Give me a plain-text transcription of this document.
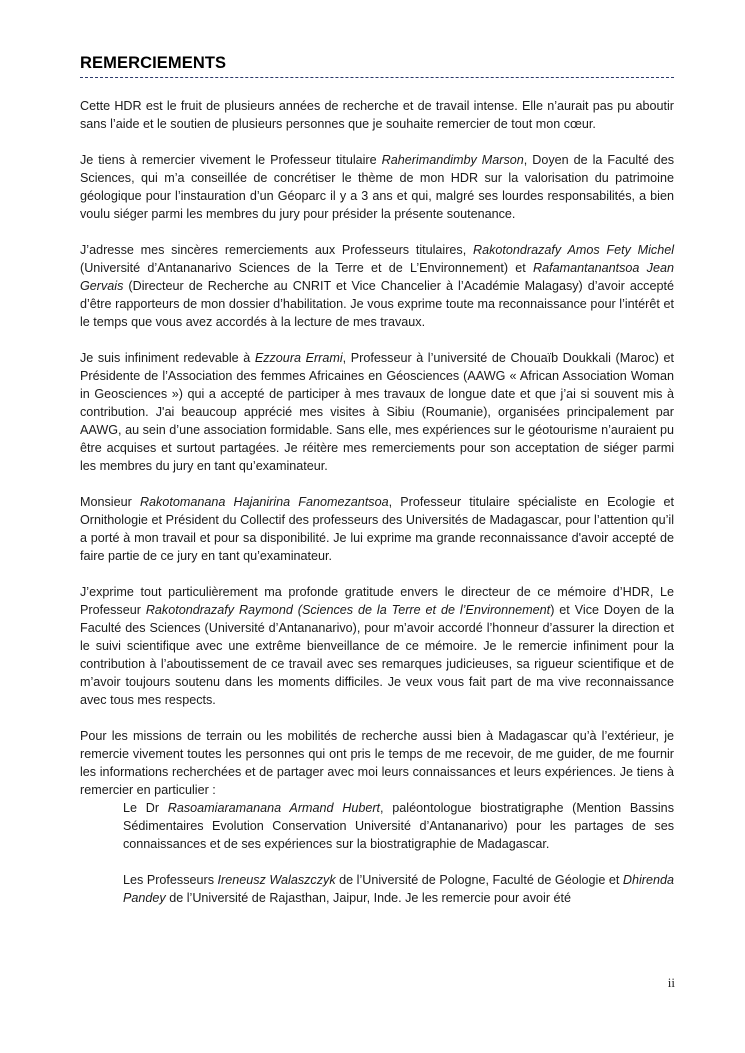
REMERCIEMENTS

Cette HDR est le fruit de plusieurs années de recherche et de travail intense. Elle n’aurait pas pu aboutir sans l’aide et le soutien de plusieurs personnes que je souhaite remercier de tout mon cœur.

Je tiens à remercier vivement le Professeur titulaire Raherimandimby Marson, Doyen de la Faculté des Sciences, qui m’a conseillée de concrétiser le thème de mon HDR sur la valorisation du patrimoine géologique pour l’instauration d’un Géoparc il y a 3 ans et qui, malgré ses lourdes responsabilités, a bien voulu siéger parmi les membres du jury pour présider la présente soutenance.

J’adresse mes sincères remerciements aux Professeurs titulaires, Rakotondrazafy Amos Fety Michel (Université d’Antananarivo Sciences de la Terre et de L’Environnement) et Rafamantanantsoa Jean Gervais (Directeur de Recherche au CNRIT et Vice Chancelier à l’Académie Malagasy) d’avoir accepté d’être rapporteurs de mon dossier d’habilitation. Je vous exprime toute ma reconnaissance pour l’intérêt et le temps que vous avez accordés à la lecture de mes travaux.

Je suis infiniment redevable à Ezzoura Errami, Professeur à l’université de Chouaïb Doukkali (Maroc) et Présidente de l’Association des femmes Africaines en Géosciences (AAWG « African Association Woman in Geosciences ») qui a accepté de participer à mes travaux de longue date et que j’ai si souvent mis à contribution. J'ai beaucoup apprécié mes visites à Sibiu (Roumanie), organisées principalement par AAWG, au sein d’une association formidable. Sans elle, mes expériences sur le géotourisme n’auraient pu être acquises et surtout partagées. Je réitère mes remerciements pour son acceptation de siéger parmi les membres du jury en tant qu’examinateur.

Monsieur Rakotomanana Hajanirina Fanomezantsoa, Professeur titulaire spécialiste en Ecologie et Ornithologie et Président du Collectif des professeurs des Universités de Madagascar, pour l’attention qu’il a porté à mon travail et pour sa disponibilité. Je lui exprime ma grande reconnaissance d'avoir accepté de faire partie de ce jury en tant qu’examinateur.

J’exprime tout particulièrement ma profonde gratitude envers le directeur de ce mémoire d’HDR, Le Professeur Rakotondrazafy Raymond (Sciences de la Terre et de l’Environnement) et Vice Doyen de la Faculté des Sciences (Université d’Antananarivo), pour m’avoir accordé l’honneur d’assurer la direction et le suivi scientifique avec une extrême bienveillance de ce mémoire. Je le remercie infiniment pour la contribution à l’aboutissement de ce travail avec ses remarques judicieuses, sa rigueur scientifique et de m’avoir toujours soutenu dans les moments difficiles. Je veux vous fait part de ma vive reconnaissance avec tous mes respects.

Pour les missions de terrain ou les mobilités de recherche aussi bien à Madagascar qu’à l’extérieur, je remercie vivement toutes les personnes qui ont pris le temps de me recevoir, de me guider, de me fournir les informations recherchées et de partager avec moi leurs connaissances et leurs expériences. Je tiens à remercier en particulier :

Le Dr Rasoamiaramanana Armand Hubert, paléontologue biostratigraphe (Mention Bassins Sédimentaires Evolution Conservation Université d’Antananarivo) pour les partages de ses connaissances et de ses expériences sur la biostratigraphie de Madagascar.

Les Professeurs Ireneusz Walaszczyk de l’Université de Pologne, Faculté de Géologie et Dhirenda Pandey de l’Université de Rajasthan, Jaipur, Inde. Je les remercie pour avoir été

ii
